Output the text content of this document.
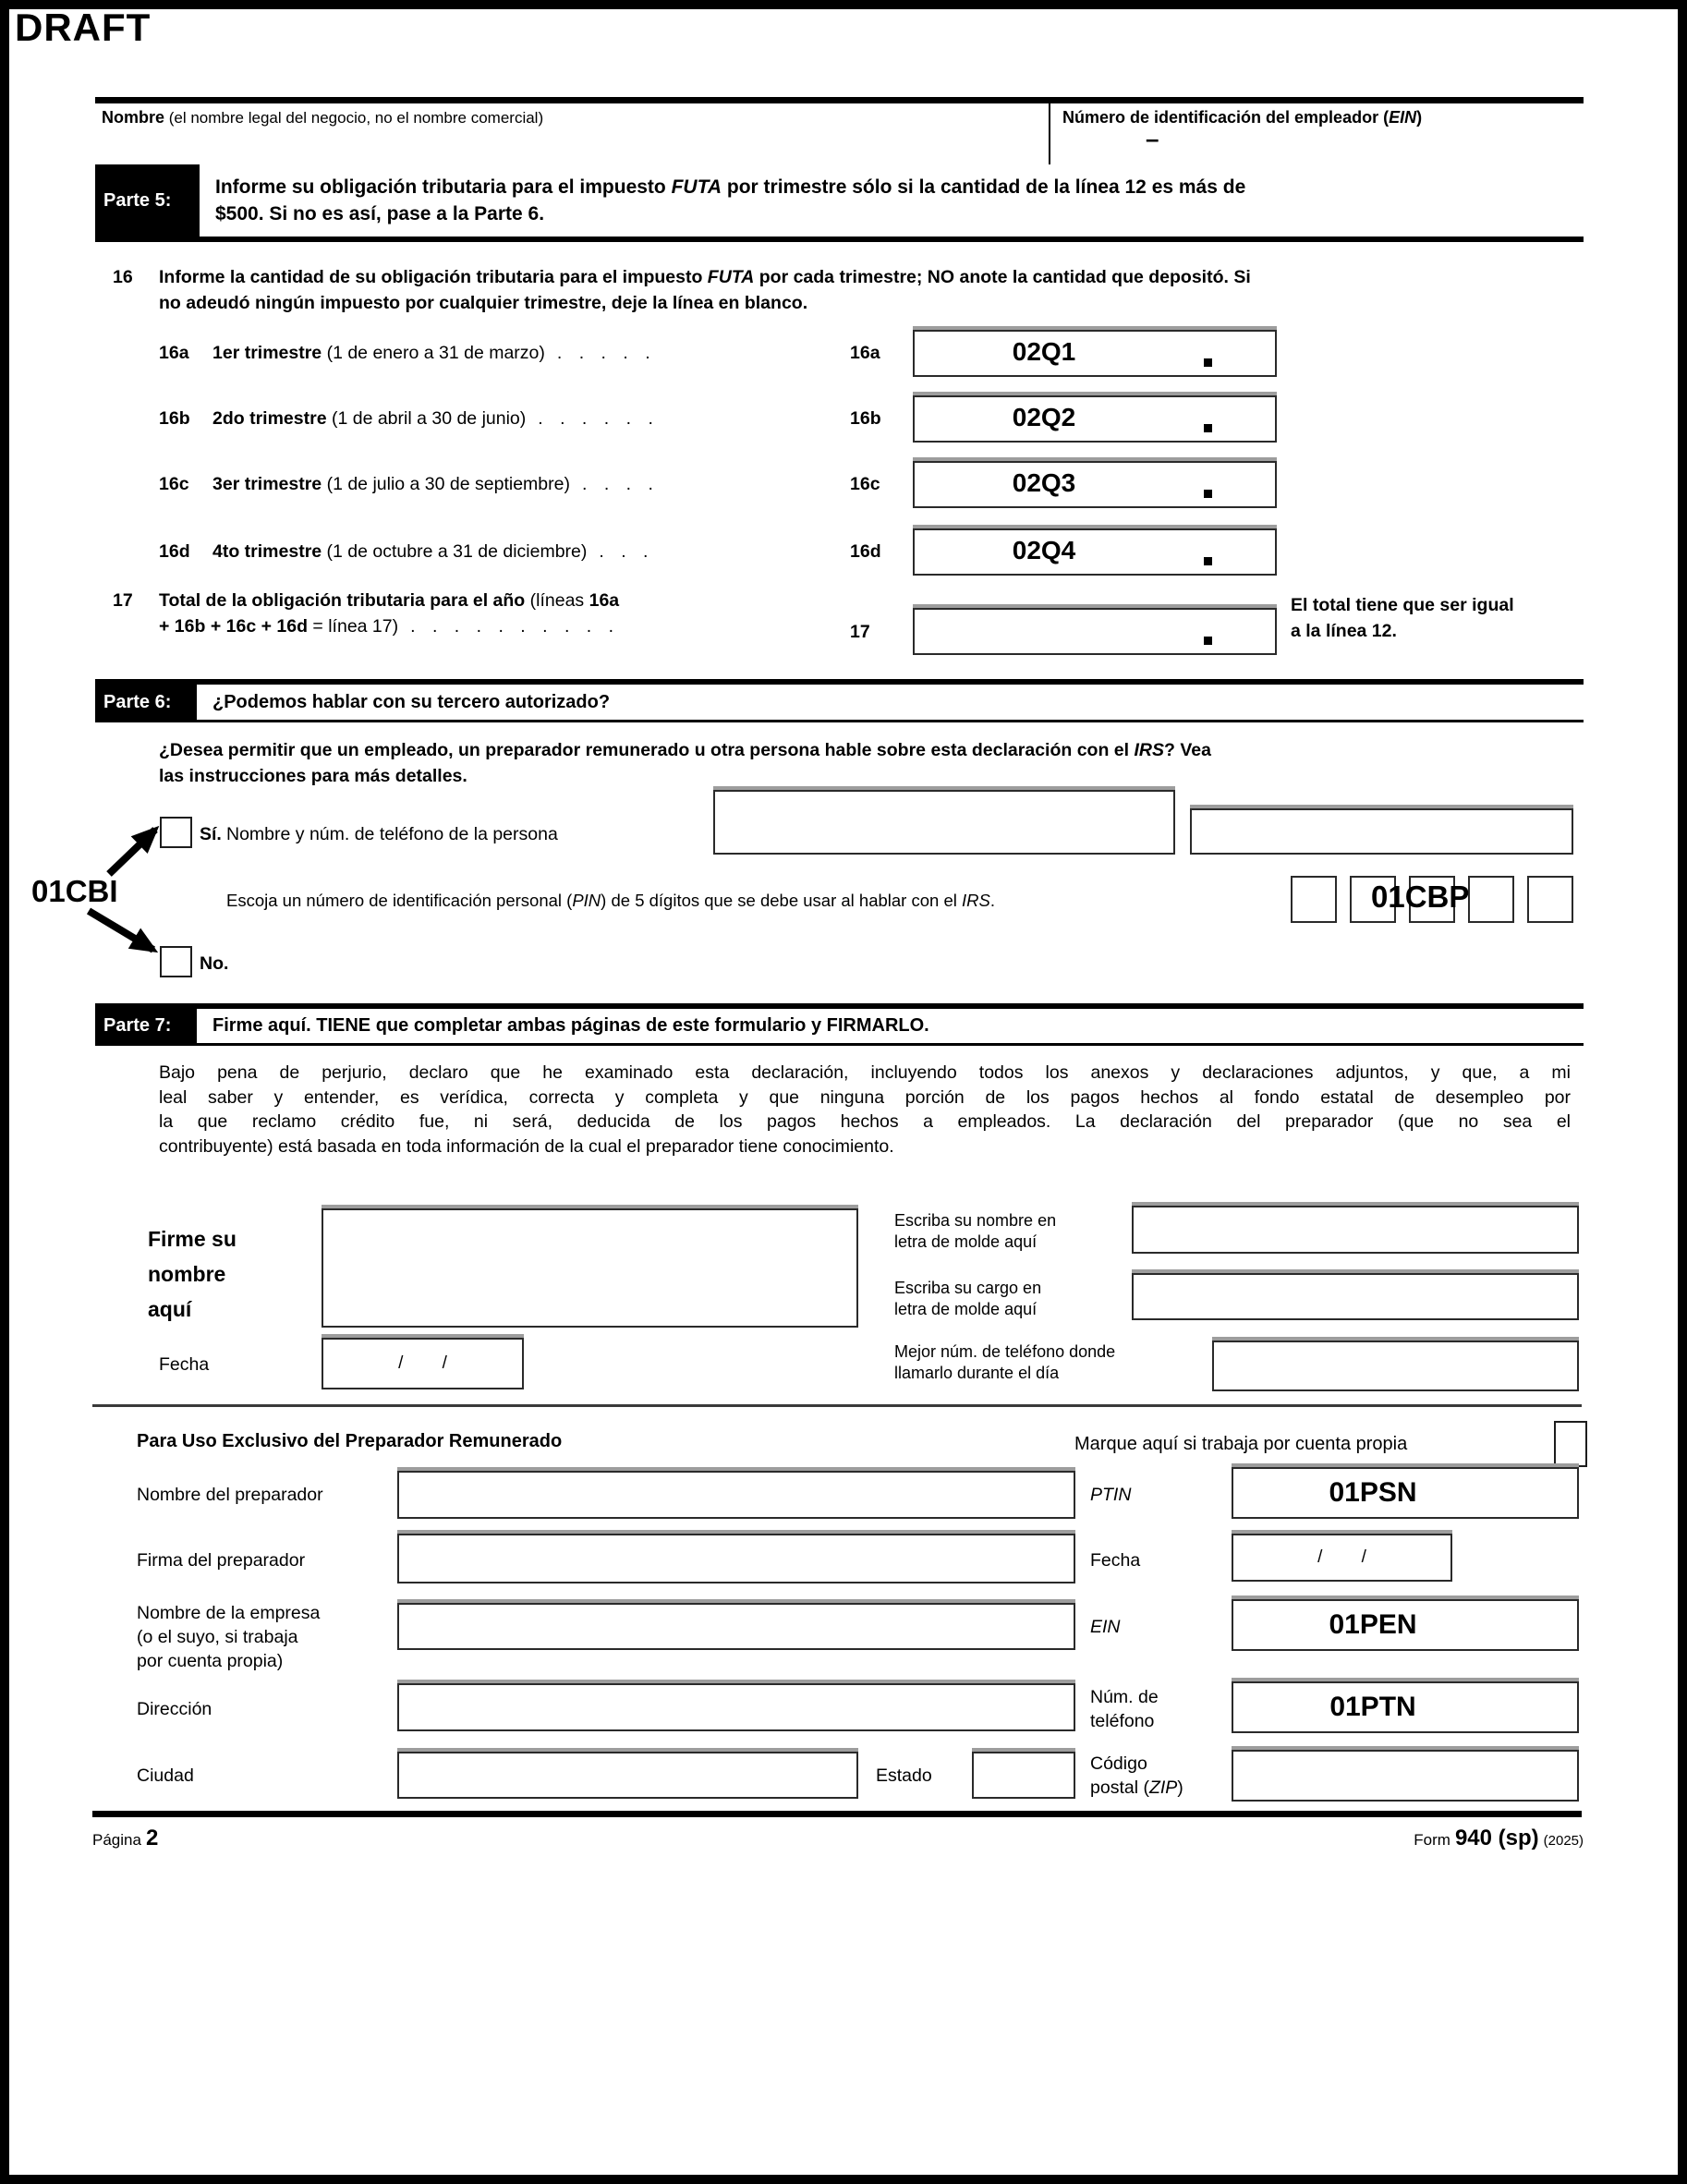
DRAFT
Nombre (el nombre legal del negocio, no el nombre comercial)	Número de identificación del empleador (EIN)
–
Parte 5:
Informe su obligación tributaria para el impuesto FUTA por trimestre sólo si la cantidad de la línea 12 es más de
$500. Si no es así, pase a la Parte 6.
16 Informe la cantidad de su obligación tributaria para el impuesto FUTA por cada trimestre; NO anote la cantidad que depositó. Si
no adeudó ningún impuesto por cualquier trimestre, deje la línea en blanco.
16a 1er trimestre (1 de enero a 31 de marzo) . . . . .	16a	02Q1
16b 2do trimestre (1 de abril a 30 de junio) . . . . . .	16b	02Q2
16c 3er trimestre (1 de julio a 30 de septiembre) . . . .	16c	02Q3
16d 4to trimestre (1 de octubre a 31 de diciembre) . . .	16d	02Q4
17 Total de la obligación tributaria para el año (líneas 16a
+ 16b + 16c + 16d = línea 17) . . . . . . . . . .	17
El total tiene que ser igual
a la línea 12.
Parte 6:	¿Podemos hablar con su tercero autorizado?
¿Desea permitir que un empleado, un preparador remunerado u otra persona hable sobre esta declaración con el IRS? Vea
las instrucciones para más detalles.
Sí. Nombre y núm. de teléfono de la persona
Escoja un número de identificación personal (PIN) de 5 dígitos que se debe usar al hablar con el IRS.	01CBP
01CBI
No.
Parte 7:	Firme aquí. TIENE que completar ambas páginas de este formulario y FIRMARLO.
Bajo pena de perjurio, declaro que he examinado esta declaración, incluyendo todos los anexos y declaraciones adjuntos, y que, a mi
leal saber y entender, es verídica, correcta y completa y que ninguna porción de los pagos hechos al fondo estatal de desempleo por
la que reclamo crédito fue, ni será, deducida de los pagos hechos a empleados. La declaración del preparador (que no sea el
contribuyente) está basada en toda información de la cual el preparador tiene conocimiento.
Firme su
nombre
aquí
Escriba su nombre en
letra de molde aquí
Escriba su cargo en
letra de molde aquí
Fecha	/        /
Mejor núm. de teléfono donde
llamarlo durante el día
Para Uso Exclusivo del Preparador Remunerado	Marque aquí si trabaja por cuenta propia
Nombre del preparador	PTIN	01PSN
Firma del preparador	Fecha	/        /
Nombre de la empresa
(o el suyo, si trabaja
por cuenta propia)
EIN	01PEN
Dirección
Núm. de
teléfono	01PTN
Ciudad	Estado
Código
postal (ZIP)
Página 2	Form 940 (sp) (2025)
